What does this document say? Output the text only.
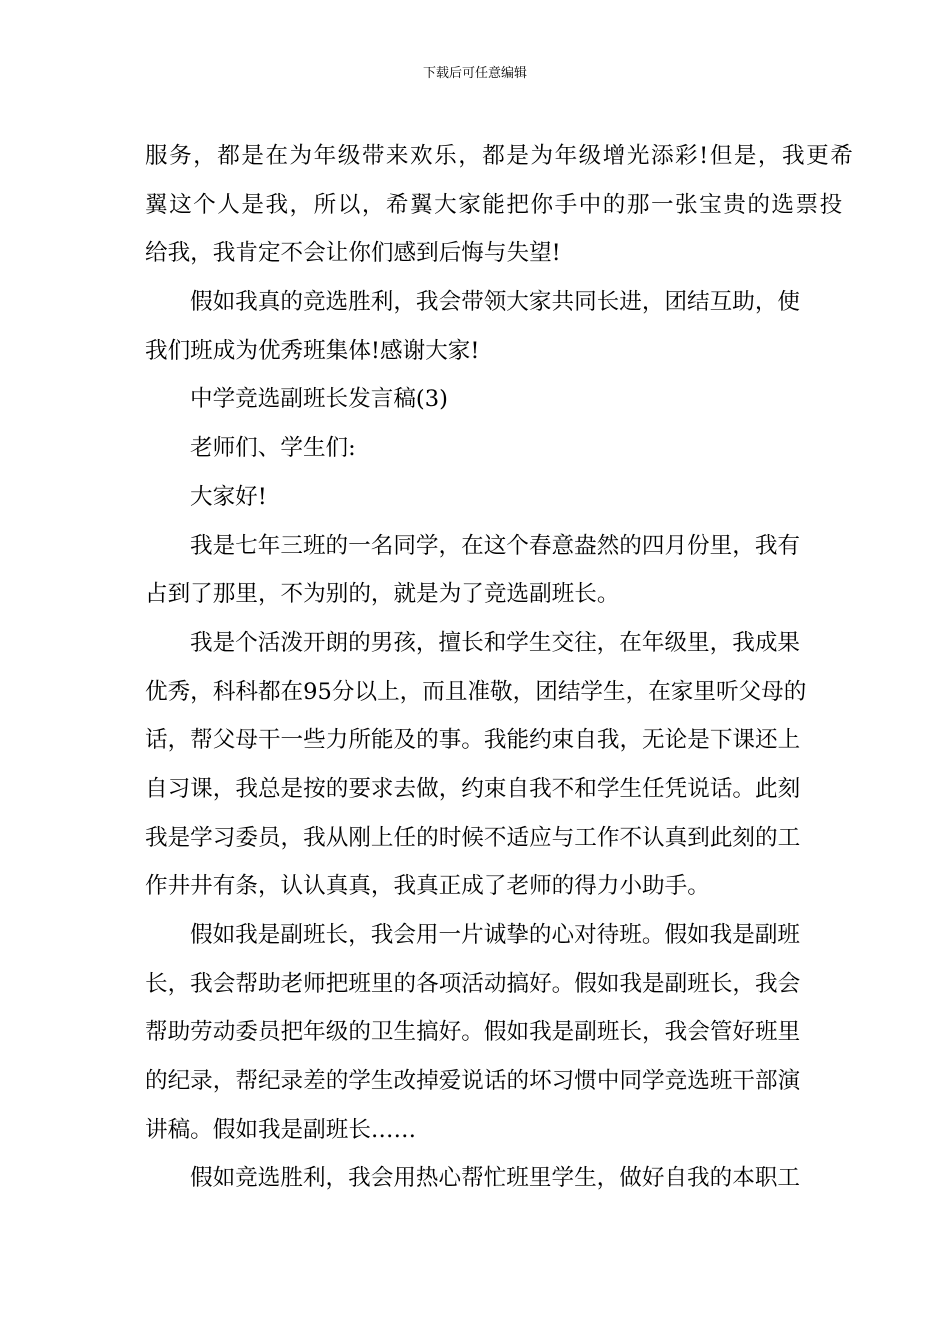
下载后可任意编辑
服务，都是在为年级带来欢乐，都是为年级增光添彩!但是，我更希
翼这个人是我，所以，希翼大家能把你手中的那一张宝贵的选票投
给我，我肯定不会让你们感到后悔与失望!
假如我真的竞选胜利，我会带领大家共同长进，团结互助，使
我们班成为优秀班集体!感谢大家!
中学竞选副班长发言稿(3)
老师们、学生们:
大家好!
我是七年三班的一名同学，在这个春意盎然的四月份里，我有
占到了那里，不为别的，就是为了竞选副班长。
我是个活泼开朗的男孩，擅长和学生交往，在年级里，我成果
优秀，科科都在95分以上，而且准敬，团结学生，在家里听父母的
话，帮父母干一些力所能及的事。我能约束自我，无论是下课还上
自习课，我总是按的要求去做，约束自我不和学生任凭说话。此刻
我是学习委员，我从刚上任的时候不适应与工作不认真到此刻的工
作井井有条，认认真真，我真正成了老师的得力小助手。
假如我是副班长，我会用一片诚挚的心对待班。假如我是副班
长，我会帮助老师把班里的各项活动搞好。假如我是副班长，我会
帮助劳动委员把年级的卫生搞好。假如我是副班长，我会管好班里
的纪录，帮纪录差的学生改掉爱说话的坏习惯中同学竞选班干部演
讲稿。假如我是副班长……
假如竞选胜利，我会用热心帮忙班里学生，做好自我的本职工
